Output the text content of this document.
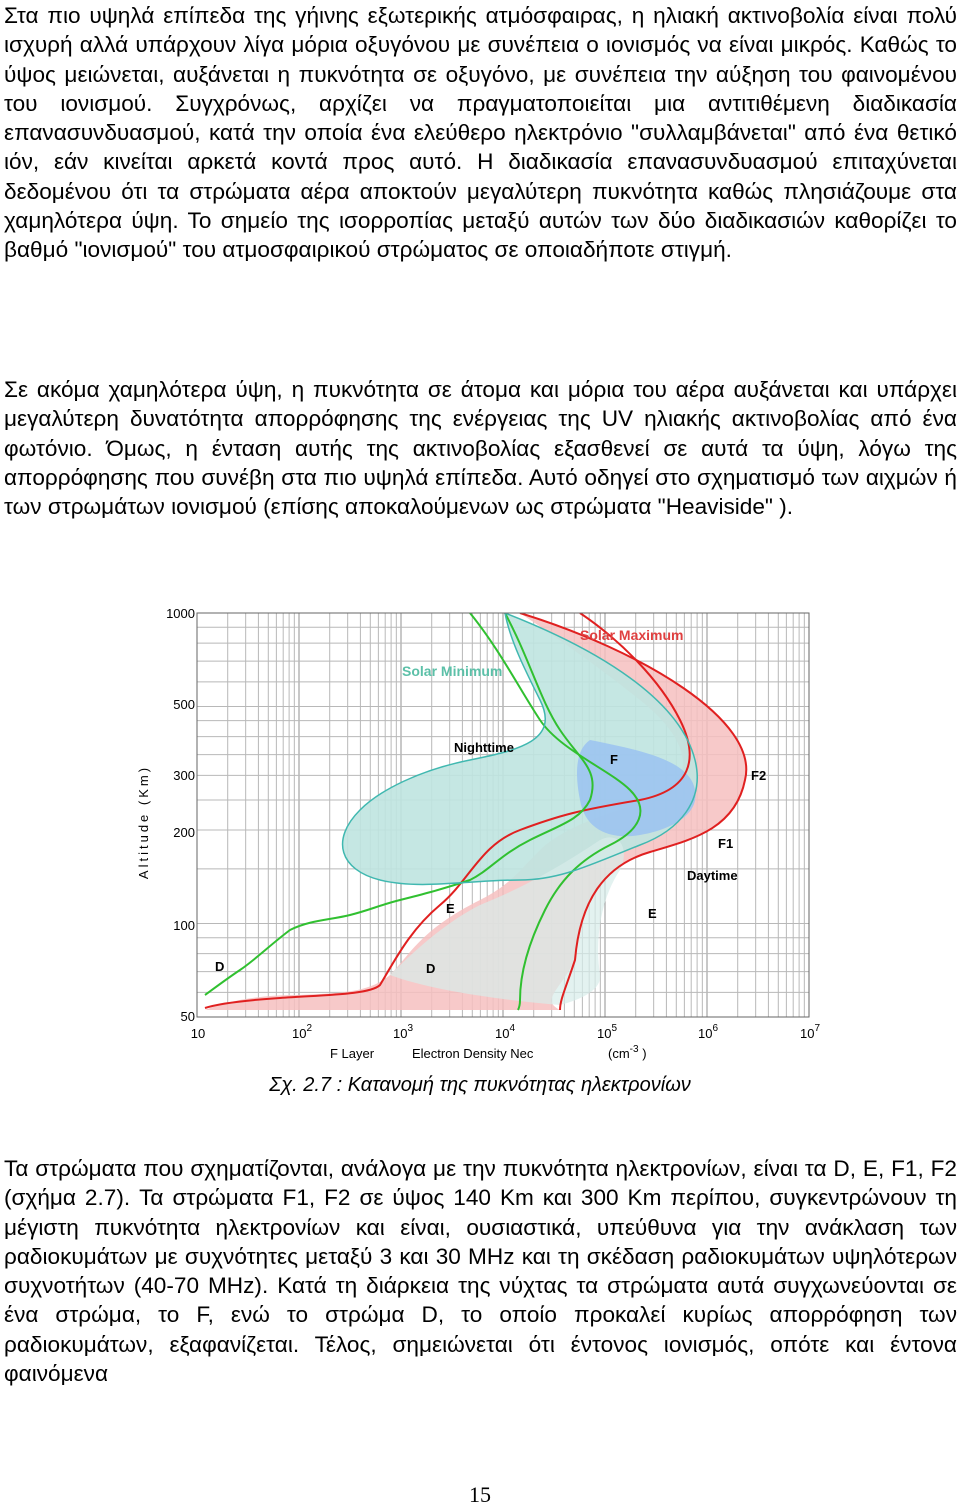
Στα πιο υψηλά επίπεδα της γήινης εξωτερικής ατμόσφαιρας, η ηλιακή ακτινοβολία είναι πολύ ισχυρή αλλά υπάρχουν λίγα μόρια οξυγόνου με συνέπεια ο ιονισμός να είναι μικρός. Καθώς το ύψος μειώνεται, αυξάνεται η πυκνότητα σε οξυγόνο, με συνέπεια την αύξηση του φαινομένου του ιονισμού. Συγχρόνως, αρχίζει να πραγματοποιείται μια αντιτιθέμενη διαδικασία επανασυνδυασμού, κατά την οποία ένα ελεύθερο ηλεκτρόνιο "συλλαμβάνεται" από ένα θετικό ιόν, εάν κινείται αρκετά κοντά προς αυτό. Η διαδικασία επανασυνδυασμού επιταχύνεται δεδομένου ότι τα στρώματα αέρα αποκτούν μεγαλύτερη πυκνότητα καθώς πλησιάζουμε στα χαμηλότερα ύψη. Το σημείο της ισορροπίας μεταξύ αυτών των δύο διαδικασιών καθορίζει το βαθμό "ιονισμού" του ατμοσφαιρικού στρώματος σε οποιαδήποτε στιγμή.

Σε ακόμα χαμηλότερα ύψη, η πυκνότητα σε άτομα και μόρια του αέρα αυξάνεται και υπάρχει μεγαλύτερη δυνατότητα απορρόφησης της ενέργειας της UV ηλιακής ακτινοβολίας από ένα φωτόνιο. Όμως, η ένταση αυτής της ακτινοβολίας εξασθενεί σε αυτά τα ύψη, λόγω της απορρόφησης που συνέβη στα πιο υψηλά επίπεδα. Αυτό οδηγεί στο σχηματισμό των αιχμών ή των στρωμάτων ιονισμού (επίσης αποκαλούμενων ως στρώματα "Heaviside" ).

1000
500
300
200
100
50
Altitude (Km)
10	$10^2$	$10^3$	$10^4$	$10^5$	$10^6$	$10^7$
F Layer	Electron Density Nec	($cm^{-3}$ )
Solar Maximum
Solar Minimum
Nighttime
F
F2
F1
Daytime
E	E
D	D

Σχ. 2.7 : Κατανομή της πυκνότητας ηλεκτρονίων

Τα στρώματα που σχηματίζονται, ανάλογα με την πυκνότητα ηλεκτρονίων, είναι τα D, E, F1, F2 (σχήμα 2.7). Τα στρώματα F1, F2 σε ύψος 140 Km και 300 Km περίπου, συγκεντρώνουν τη μέγιστη πυκνότητα ηλεκτρονίων και είναι, ουσιαστικά, υπεύθυνα για την ανάκλαση των ραδιοκυμάτων με συχνότητες μεταξύ 3 και 30 MHz και τη σκέδαση ραδιοκυμάτων υψηλότερων συχνοτήτων (40-70 MHz). Κατά τη διάρκεια της νύχτας τα στρώματα αυτά συγχωνεύονται σε ένα στρώμα, το F, ενώ το στρώμα D, το οποίο προκαλεί κυρίως απορρόφηση των ραδιοκυμάτων, εξαφανίζεται. Τέλος, σημειώνεται ότι έντονος ιονισμός, οπότε και έντονα φαινόμενα

15
